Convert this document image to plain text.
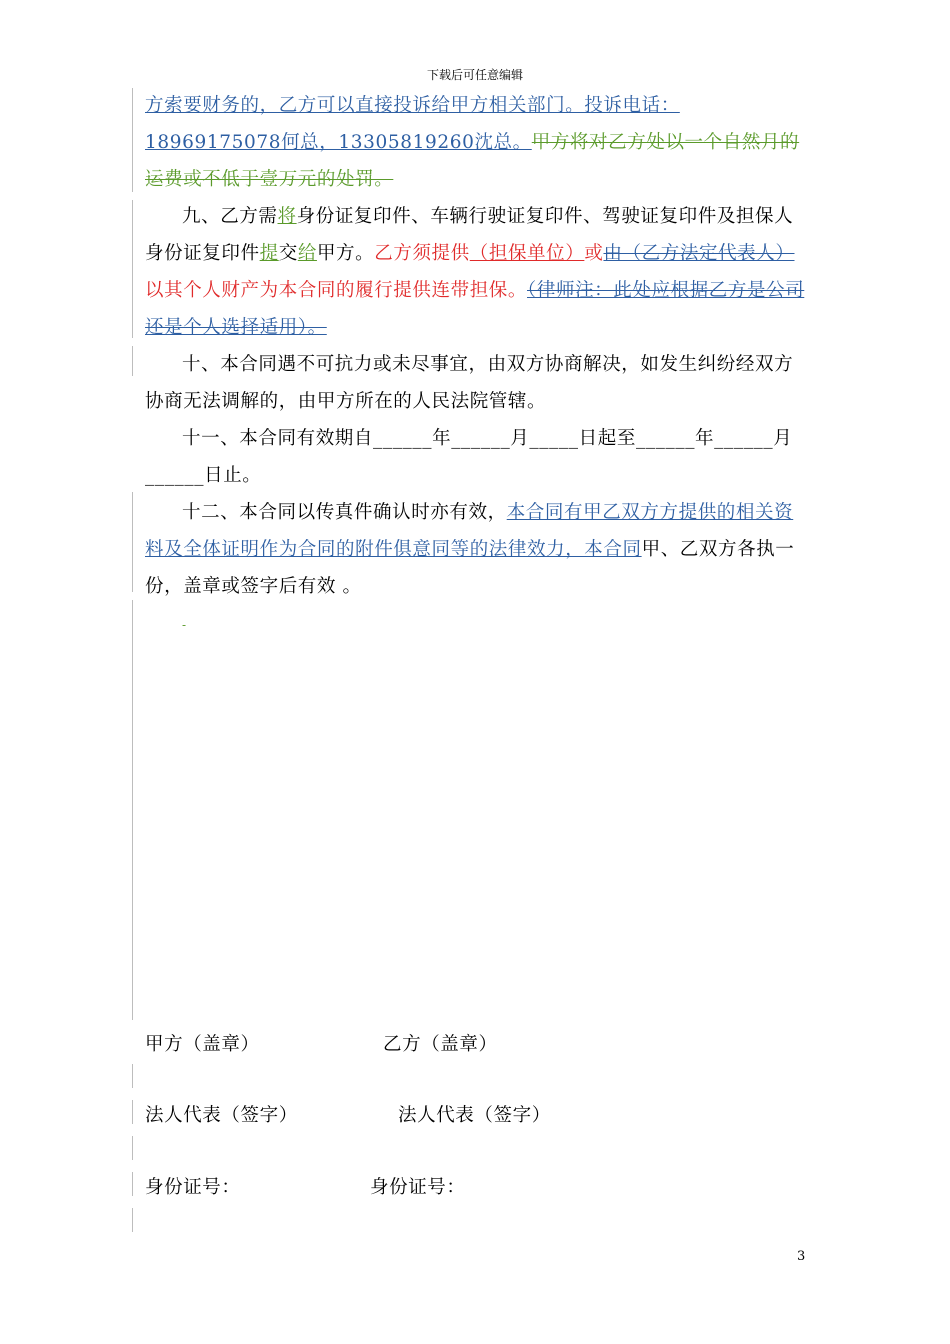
下载后可任意编辑

方索要财务的，乙方可以直接投诉给甲方相关部门。投诉电话：18969175078何总，13305819260沈总。甲方将对乙方处以一个自然月的运费或不低于壹万元的处罚。

九、乙方需将身份证复印件、车辆行驶证复印件、驾驶证复印件及担保人身份证复印件提交给甲方。乙方须提供（担保单位）或由（乙方法定代表人）以其个人财产为本合同的履行提供连带担保。（律师注：此处应根据乙方是公司还是个人选择适用）。

十、本合同遇不可抗力或未尽事宜，由双方协商解决，如发生纠纷经双方协商无法调解的，由甲方所在的人民法院管辖。

十一、本合同有效期自______年______月_____日起至______年______月______日止。

十二、本合同以传真件确认时亦有效，本合同有甲乙双方方提供的相关资料及全体证明作为合同的附件俱意同等的法律效力，本合同甲、乙双方各执一份，盖章或签字后有效 。

-

甲方（盖章）	乙方（盖章）
法人代表（签字）	法人代表（签字）
身份证号：	身份证号：
3
